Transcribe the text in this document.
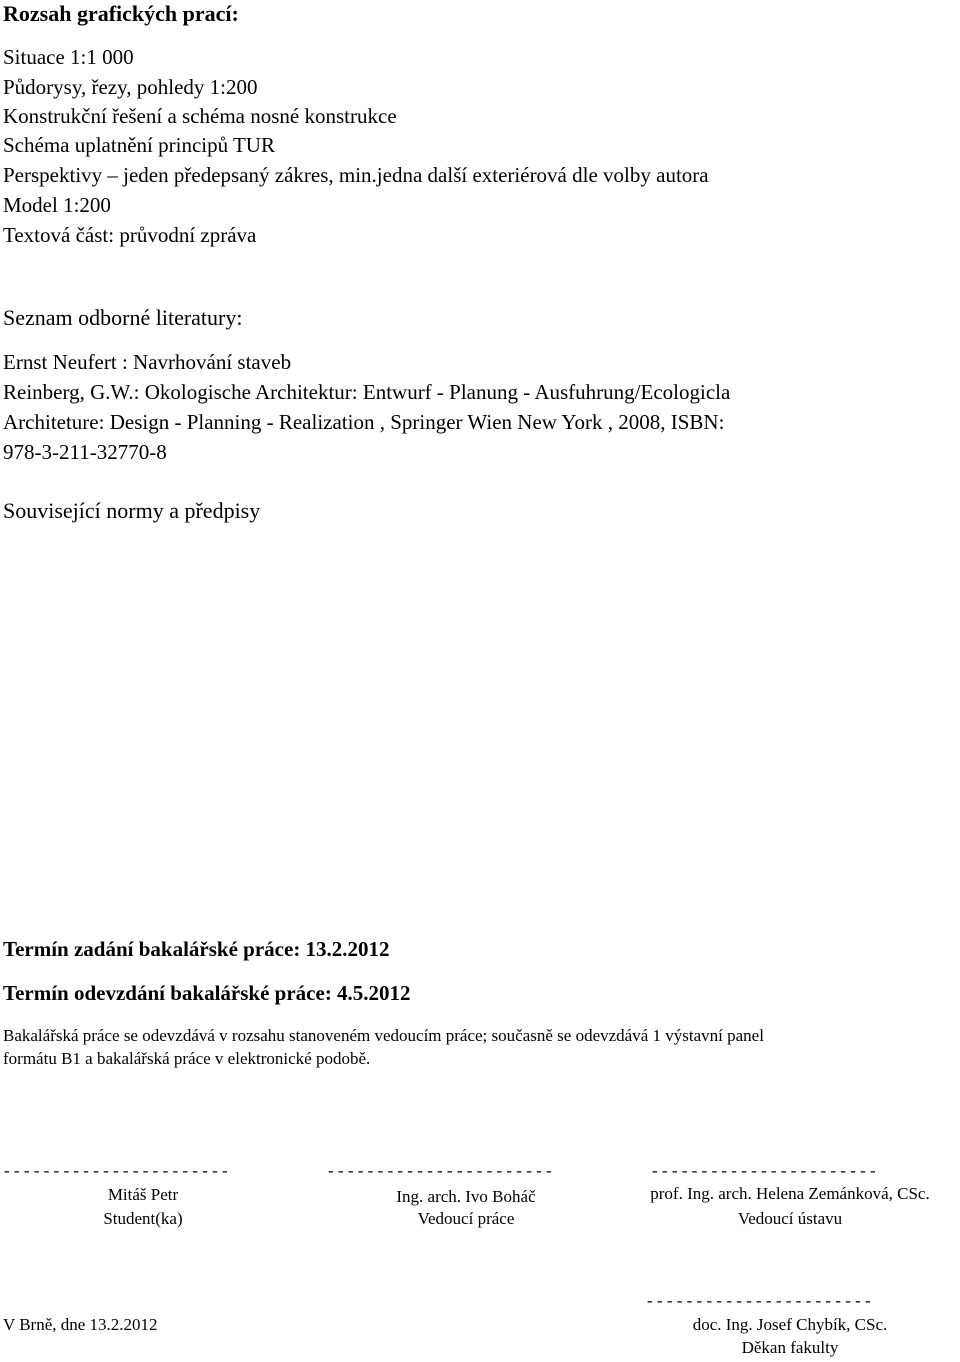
Rozsah grafických prací:
Situace 1:1 000
Půdorysy, řezy, pohledy 1:200
Konstrukční řešení a schéma nosné konstrukce
Schéma uplatnění principů TUR
Perspektivy – jeden předepsaný zákres, min.jedna další exteriérová dle volby autora
Model 1:200
Textová část: průvodní zpráva
Seznam odborné literatury:
Ernst Neufert : Navrhování staveb
Reinberg, G.W.: Okologische Architektur: Entwurf - Planung - Ausfuhrung/Ecologicla
Architeture: Design - Planning - Realization , Springer Wien New York , 2008, ISBN:
978-3-211-32770-8
Související normy a předpisy
Termín zadání bakalářské práce: 13.2.2012
Termín odevzdání bakalářské práce: 4.5.2012
Bakalářská práce se odevzdává v rozsahu stanoveném vedoucím práce; současně se odevzdává 1 výstavní panel
formátu B1 a bakalářská práce v elektronické podobě.
- - - - - - - - - - - - - - - - - - - - - - -	- - - - - - - - - - - - - - - - - - - - - - -	- - - - - - - - - - - - - - - - - - - - - - -
Mitáš Petr
Student(ka)
Ing. arch. Ivo Boháč
Vedoucí práce
prof. Ing. arch. Helena Zemánková, CSc.
Vedoucí ústavu
V Brně, dne 13.2.2012
- - - - - - - - - - - - - - - - - - - - - - -
doc. Ing. Josef Chybík, CSc.
Děkan fakulty
